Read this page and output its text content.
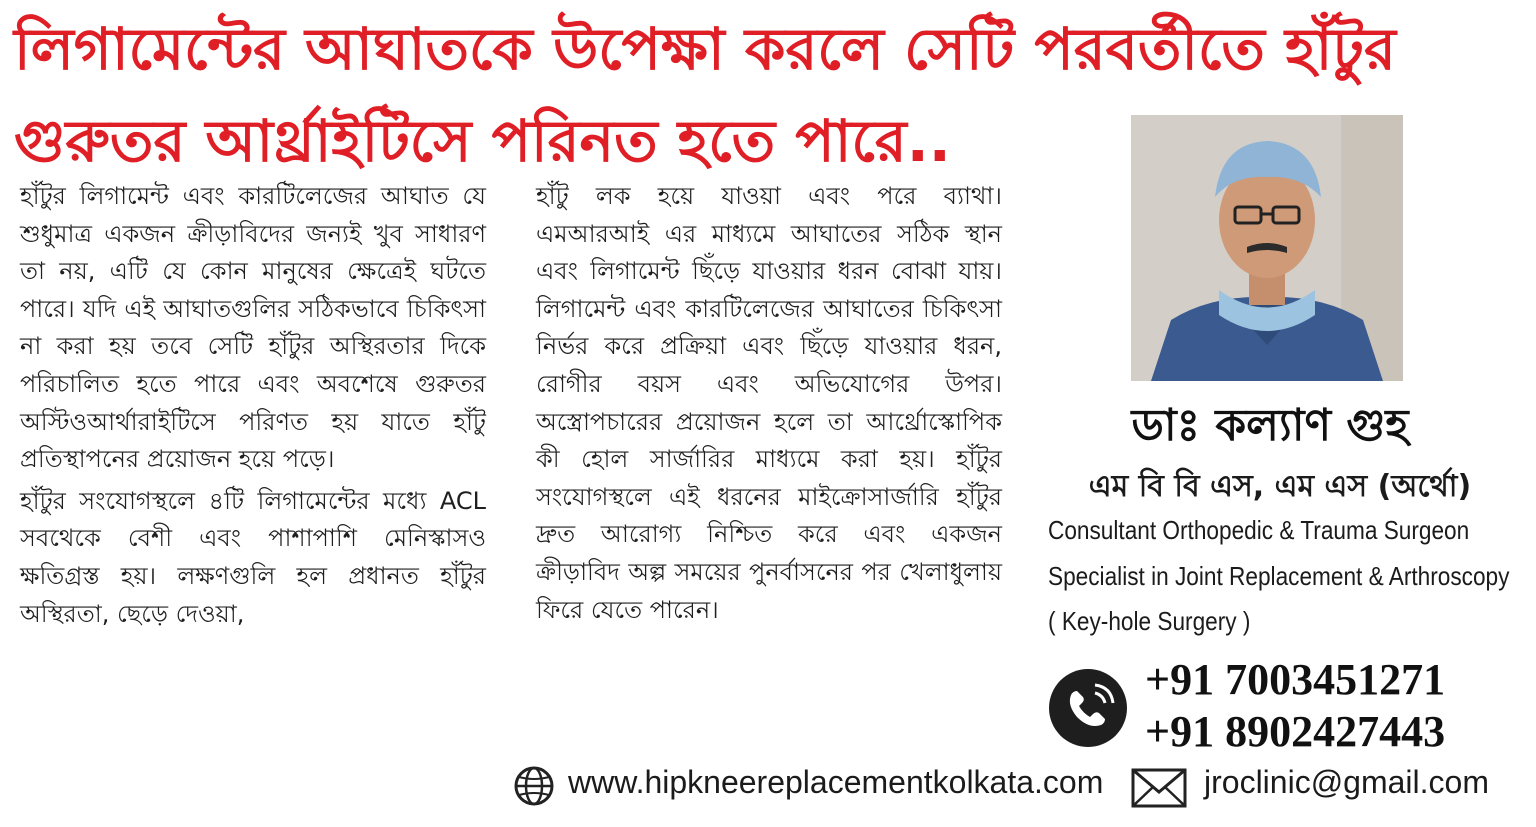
লিগামেন্টের আঘাতকে উপেক্ষা করলে সেটি পরবর্তীতে হাঁটুর
গুরুতর আর্থ্রাইটিসে পরিনত হতে পারে..

হাঁটুর লিগামেন্ট এবং কারটিলেজের আঘাত যে শুধুমাত্র একজন ক্রীড়াবিদের জন্যই খুব সাধারণ তা নয়, এটি যে কোন মানুষের ক্ষেত্রেই ঘটতে পারে। যদি এই আঘাতগুলির সঠিকভাবে চিকিৎসা না করা হয় তবে সেটি হাঁটুর অস্থিরতার দিকে পরিচালিত হতে পারে এবং অবশেষে গুরুতর অস্টিওআর্থারাইটিসে পরিণত হয় যাতে হাঁটু প্রতিস্থাপনের প্রয়োজন হয়ে পড়ে।

হাঁটুর সংযোগস্থলে ৪টি লিগামেন্টের মধ্যে ACL সবথেকে বেশী এবং পাশাপাশি মেনিস্কাসও ক্ষতিগ্রস্ত হয়। লক্ষণগুলি হল প্রধানত হাঁটুর অস্থিরতা, ছেড়ে দেওয়া,

হাঁটু লক হয়ে যাওয়া এবং পরে ব্যাথা। এমআরআই এর মাধ্যমে আঘাতের সঠিক স্থান এবং লিগামেন্ট ছিঁড়ে যাওয়ার ধরন বোঝা যায়। লিগামেন্ট এবং কারটিলেজের আঘাতের চিকিৎসা নির্ভর করে প্রক্রিয়া এবং ছিঁড়ে যাওয়ার ধরন, রোগীর বয়স এবং অভিযোগের উপর। অস্ত্রোপচারের প্রয়োজন হলে তা আর্থ্রোস্কোপিক কী হোল সার্জারির মাধ্যমে করা হয়। হাঁটুর সংযোগস্থলে এই ধরনের মাইক্রোসার্জারি হাঁটুর দ্রুত আরোগ্য নিশ্চিত করে এবং একজন ক্রীড়াবিদ অল্প সময়ের পুনর্বাসনের পর খেলাধুলায় ফিরে যেতে পারেন।

ডাঃ কল্যাণ গুহ
এম বি বি এস, এম এস (অর্থো)
Consultant Orthopedic & Trauma Surgeon
Specialist in Joint Replacement & Arthroscopy
( Key-hole Surgery )
+91 7003451271
+91 8902427443
www.hipkneereplacementkolkata.com	jroclinic@gmail.com
